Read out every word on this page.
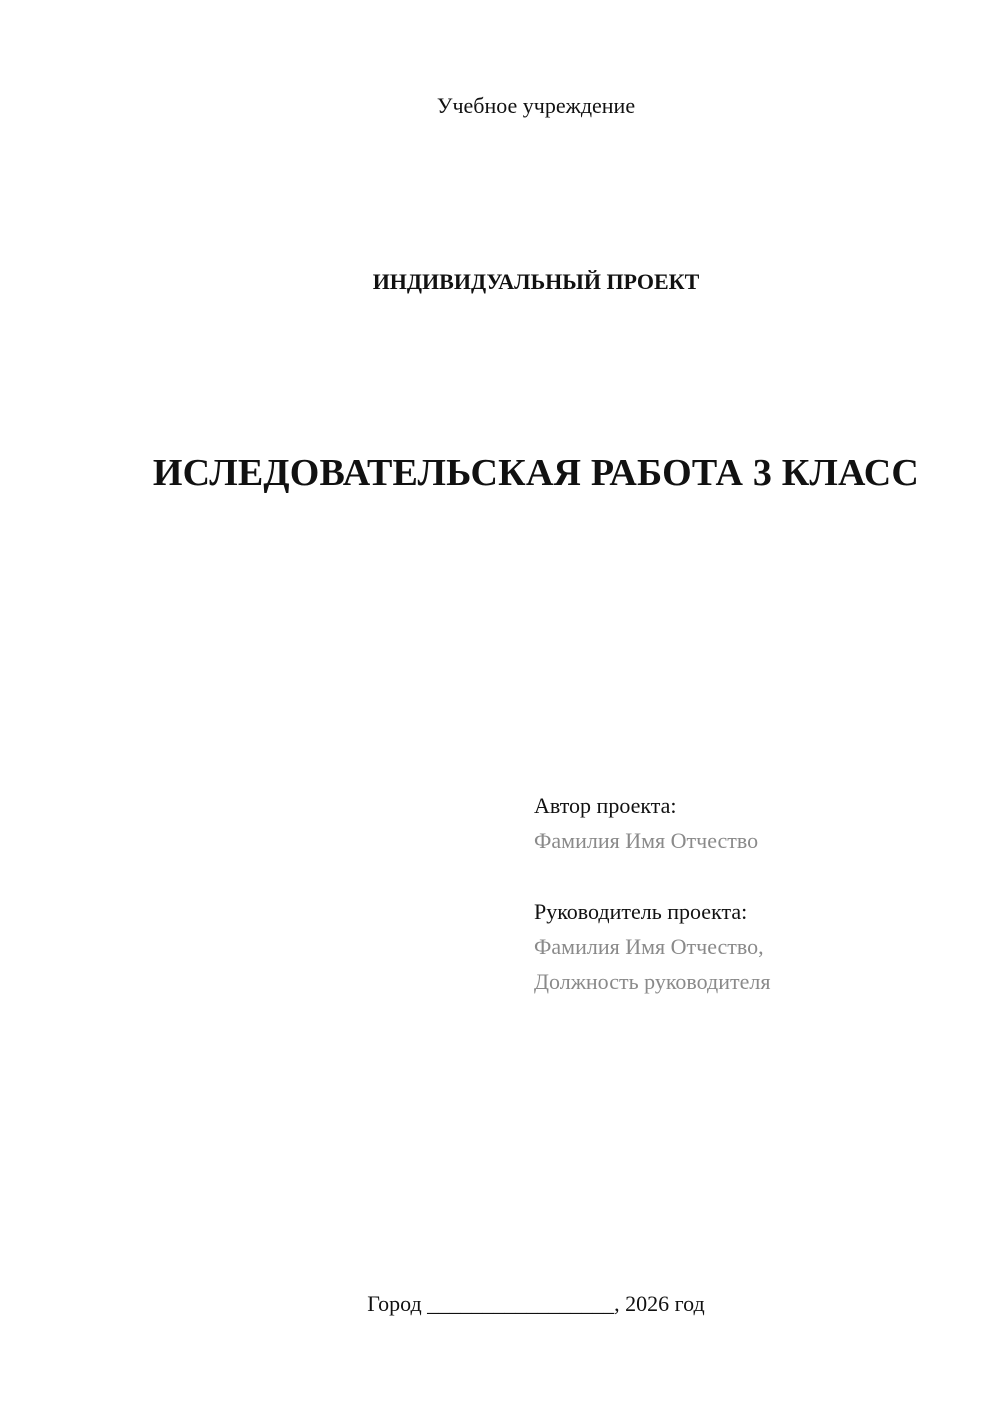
Учебное учреждение
ИНДИВИДУАЛЬНЫЙ ПРОЕКТ
ИСЛЕДОВАТЕЛЬСКАЯ РАБОТА 3 КЛАСС
Автор проекта:
Фамилия Имя Отчество
Руководитель проекта:
Фамилия Имя Отчество,
Должность руководителя
Город _________________, 2026 год
